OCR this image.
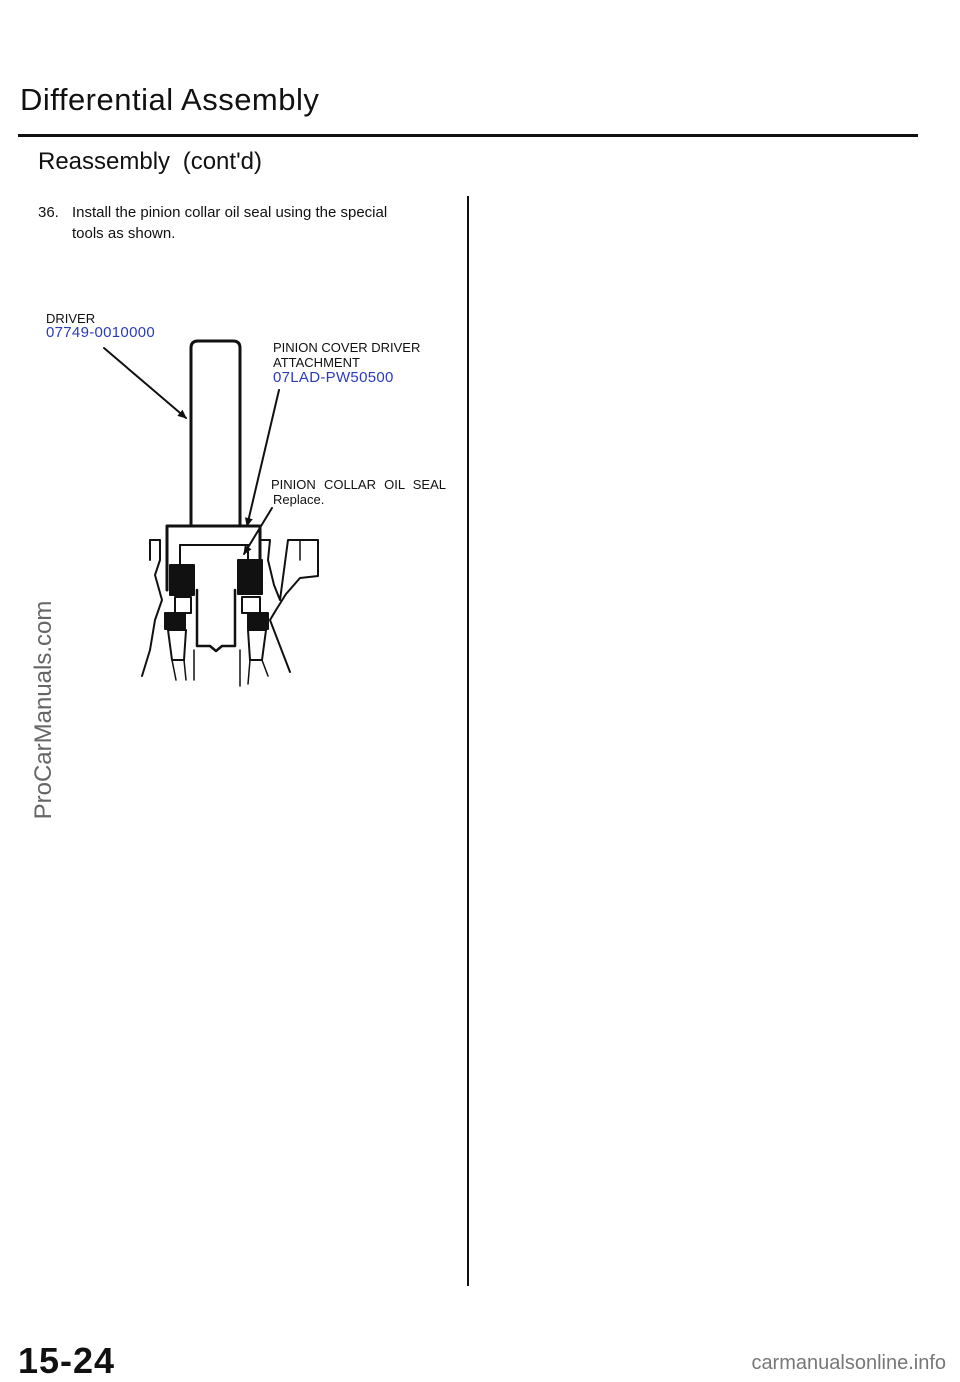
Differential Assembly
Reassembly (cont'd)
36. Install the pinion collar oil seal using the special
tools as shown.
DRIVER
07749-0010000
PINION COVER DRIVER
ATTACHMENT
07LAD-PW50500
PINION COLLAR OIL SEAL
Replace.
ProCarManuals.com
15-24	carmanualsonline.info
